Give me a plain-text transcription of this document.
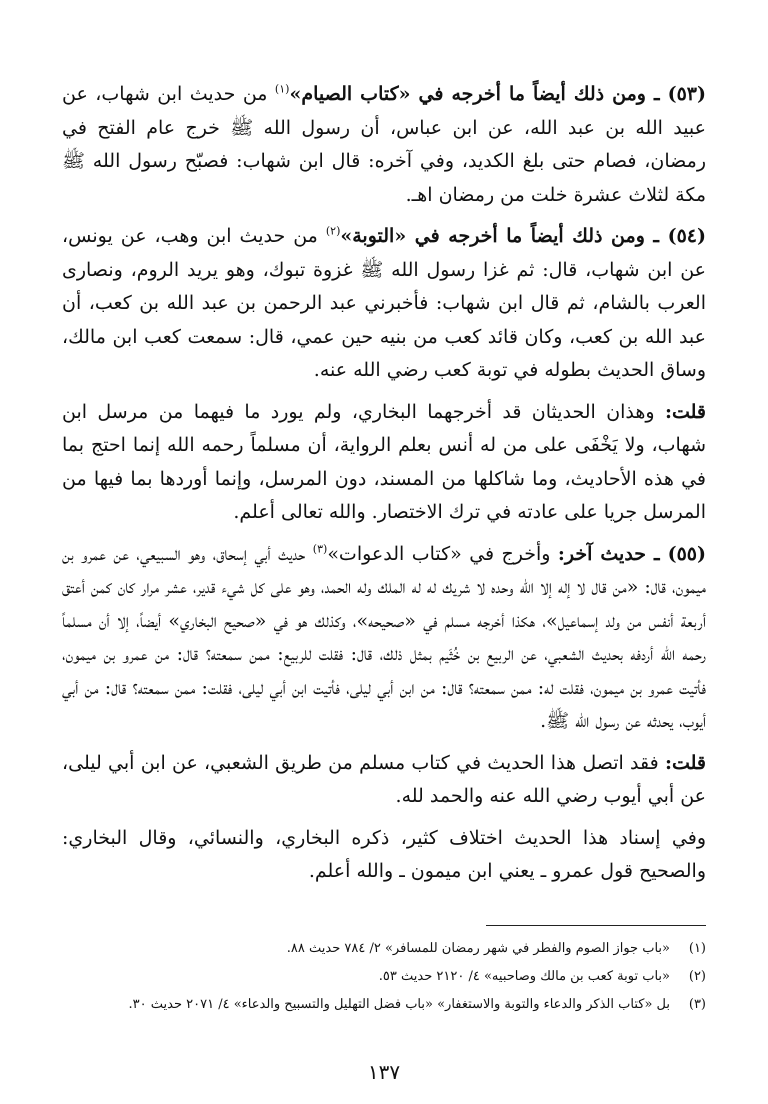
(٥٣) ـ ومن ذلك أيضاً ما أخرجه في «كتاب الصيام»$^{(١)}$ من حديث ابن شهاب، عن عبيد الله بن عبد الله، عن ابن عباس، أن رسول الله ﷺ خرج عام الفتح في رمضان، فصام حتى بلغ الكديد، وفي آخره: قال ابن شهاب: فصبّح رسول الله ﷺ مكة لثلاث عشرة خلت من رمضان اهـ.

(٥٤) ـ ومن ذلك أيضاً ما أخرجه في «التوبة»$^{(٢)}$ من حديث ابن وهب، عن يونس، عن ابن شهاب، قال: ثم غزا رسول الله ﷺ غزوة تبوك، وهو يريد الروم، ونصارى العرب بالشام، ثم قال ابن شهاب: فأخبرني عبد الرحمن بن عبد الله بن كعب، أن عبد الله بن كعب، وكان قائد كعب من بنيه حين عمي، قال: سمعت كعب ابن مالك، وساق الحديث بطوله في توبة كعب رضي الله عنه.

قلت: وهذان الحديثان قد أخرجهما البخاري، ولم يورد ما فيهما من مرسل ابن شهاب، ولا يَخْفَى على من له أنس بعلم الرواية، أن مسلماً رحمه الله إنما احتج بما في هذه الأحاديث، وما شاكلها من المسند، دون المرسل، وإنما أوردها بما فيها من المرسل جريا على عادته في ترك الاختصار. والله تعالى أعلم.

(٥٥) ـ حديث آخر: وأخرج في «كتاب الدعوات»$^{(٣)}$ حديث أبي إسحاق، وهو السبيعي، عن عمرو بن ميمون، قال: «من قال لا إله إلا الله وحده لا شريك له له الملك وله الحمد، وهو على كل شيء قدير، عشر مرار كان كمن أعتق أربعة أنفس من ولد إسماعيل»، هكذا أخرجه مسلم في «صحيحه»، وكذلك هو في «صحيح البخاري» أيضاً، إلا أن مسلماً رحمه الله أردفه بحديث الشعبي، عن الربيع بن خُثَيم بمثل ذلك، قال: فقلت للربيع: ممن سمعته؟ قال: من عمرو بن ميمون، فأتيت عمرو بن ميمون، فقلت له: ممن سمعته؟ قال: من ابن أبي ليلى، فأتيت ابن أبي ليلى، فقلت: ممن سمعته؟ قال: من أبي أيوب، يحدثه عن رسول الله ﷺ.

قلت: فقد اتصل هذا الحديث في كتاب مسلم من طريق الشعبي، عن ابن أبي ليلى، عن أبي أيوب رضي الله عنه والحمد لله.

وفي إسناد هذا الحديث اختلاف كثير، ذكره البخاري، والنسائي، وقال البخاري: والصحيح قول عمرو ـ يعني ابن ميمون ـ والله أعلم.

(١)«باب جواز الصوم والفطر في شهر رمضان للمسافر» ٢/ ٧٨٤ حديث ٨٨.
(٢)«باب توبة كعب بن مالك وصاحبيه» ٤/ ٢١٢٠ حديث ٥٣.
(٣)بل «كتاب الذكر والدعاء والتوبة والاستغفار» «باب فضل التهليل والتسبيح والدعاء» ٤/ ٢٠٧١ حديث ٣٠.
١٣٧
